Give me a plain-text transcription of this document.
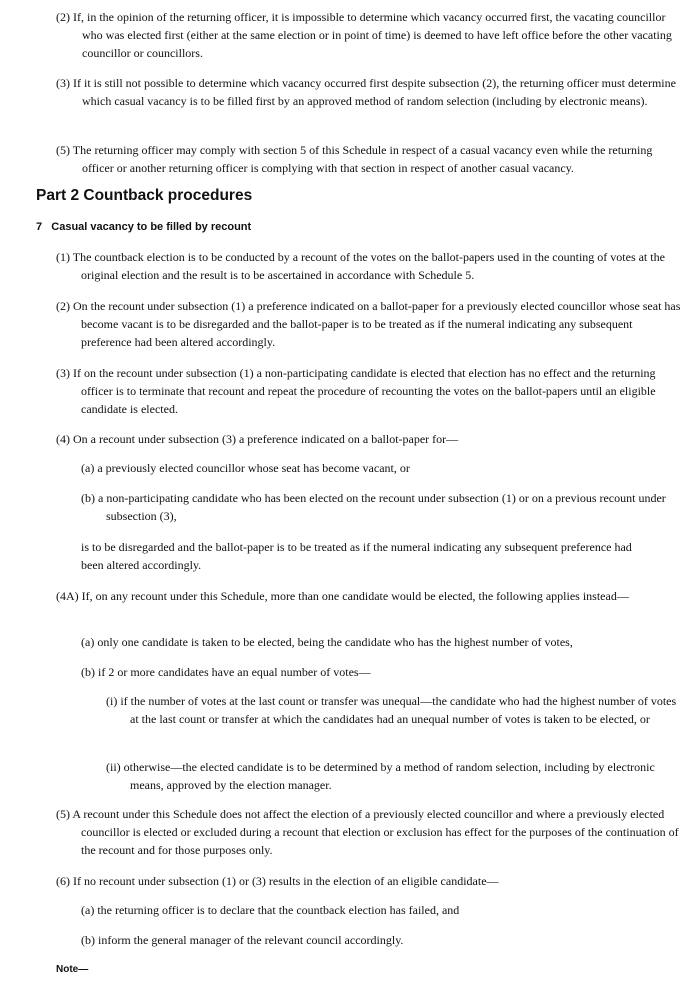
(2) If, in the opinion of the returning officer, it is impossible to determine which vacancy occurred first, the vacating councillor who was elected first (either at the same election or in point of time) is deemed to have left office before the other vacating councillor or councillors.

(3) If it is still not possible to determine which vacancy occurred first despite subsection (2), the returning officer must determine which casual vacancy is to be filled first by an approved method of random selection (including by electronic means).

(5) The returning officer may comply with section 5 of this Schedule in respect of a casual vacancy even while the returning officer or another returning officer is complying with that section in respect of another casual vacancy.

Part 2 Countback procedures
7   Casual vacancy to be filled by recount

(1) The countback election is to be conducted by a recount of the votes on the ballot-papers used in the counting of votes at the original election and the result is to be ascertained in accordance with Schedule 5.

(2) On the recount under subsection (1) a preference indicated on a ballot-paper for a previously elected councillor whose seat has become vacant is to be disregarded and the ballot-paper is to be treated as if the numeral indicating any subsequent preference had been altered accordingly.

(3) If on the recount under subsection (1) a non-participating candidate is elected that election has no effect and the returning officer is to terminate that recount and repeat the procedure of recounting the votes on the ballot-papers until an eligible candidate is elected.

(4) On a recount under subsection (3) a preference indicated on a ballot-paper for—

(a) a previously elected councillor whose seat has become vacant, or

(b) a non-participating candidate who has been elected on the recount under subsection (1) or on a previous recount under subsection (3),

is to be disregarded and the ballot-paper is to be treated as if the numeral indicating any subsequent preference had been altered accordingly.

(4A) If, on any recount under this Schedule, more than one candidate would be elected, the following applies instead—

(a) only one candidate is taken to be elected, being the candidate who has the highest number of votes,

(b) if 2 or more candidates have an equal number of votes—

(i) if the number of votes at the last count or transfer was unequal—the candidate who had the highest number of votes at the last count or transfer at which the candidates had an unequal number of votes is taken to be elected, or

(ii) otherwise—the elected candidate is to be determined by a method of random selection, including by electronic means, approved by the election manager.

(5) A recount under this Schedule does not affect the election of a previously elected councillor and where a previously elected councillor is elected or excluded during a recount that election or exclusion has effect for the purposes of the continuation of the recount and for those purposes only.

(6) If no recount under subsection (1) or (3) results in the election of an eligible candidate—

(a) the returning officer is to declare that the countback election has failed, and

(b) inform the general manager of the relevant council accordingly.

Note—
